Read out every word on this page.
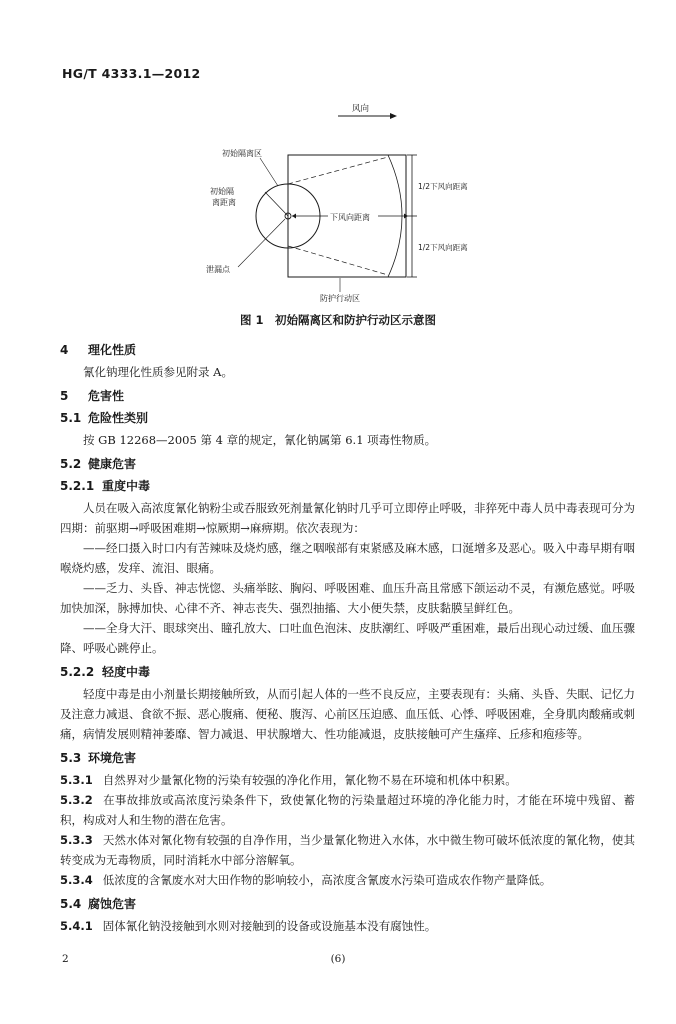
HG/T 4333.1—2012
风向
下风向距离
1/2下风向距离
1/2下风向距离
初始隔离区
初始隔 离距离
泄漏点
防护行动区
图 1　初始隔离区和防护行动区示意图
4 理化性质

氰化钠理化性质参见附录 A。

5 危害性
5.1 危险性类别

按 GB 12268—2005 第 4 章的规定，氰化钠属第 6.1 项毒性物质。

5.2 健康危害
5.2.1 重度中毒

人员在吸入高浓度氰化钠粉尘或吞服致死剂量氰化钠时几乎可立即停止呼吸，非猝死中毒人员中毒表现可分为四期：前驱期→呼吸困难期→惊厥期→麻痹期。依次表现为：

——经口摄入时口内有苦辣味及烧灼感，继之咽喉部有束紧感及麻木感，口涎增多及恶心。吸入中毒早期有咽喉烧灼感，发痒、流泪、眼痛。

——乏力、头昏、神志恍惚、头痛举眩、胸闷、呼吸困难、血压升高且常感下颌运动不灵，有濒危感觉。呼吸加快加深，脉搏加快、心律不齐、神志丧失、强烈抽搐、大小便失禁，皮肤黏膜呈鲜红色。

——全身大汗、眼球突出、瞳孔放大、口吐血色泡沫、皮肤潮红、呼吸严重困难，最后出现心动过缓、血压骤降、呼吸心跳停止。

5.2.2 轻度中毒

轻度中毒是由小剂量长期接触所致，从而引起人体的一些不良反应，主要表现有：头痛、头昏、失眠、记忆力及注意力减退、食欲不振、恶心腹痛、便秘、腹泻、心前区压迫感、血压低、心悸、呼吸困难，全身肌肉酸痛或刺痛，病情发展则精神萎靡、智力减退、甲状腺增大、性功能减退，皮肤接触可产生瘙痒、丘疹和疱疹等。

5.3 环境危害

5.3.1 自然界对少量氰化物的污染有较强的净化作用，氰化物不易在环境和机体中积累。

5.3.2 在事故排放或高浓度污染条件下，致使氰化物的污染量超过环境的净化能力时，才能在环境中残留、蓄积，构成对人和生物的潜在危害。

5.3.3 天然水体对氰化物有较强的自净作用，当少量氰化物进入水体，水中微生物可破坏低浓度的氰化物，使其转变成为无毒物质，同时消耗水中部分溶解氧。

5.3.4 低浓度的含氰废水对大田作物的影响较小，高浓度含氰废水污染可造成农作物产量降低。

5.4 腐蚀危害

5.4.1 固体氰化钠没接触到水则对接触到的设备或设施基本没有腐蚀性。

2	(6)
